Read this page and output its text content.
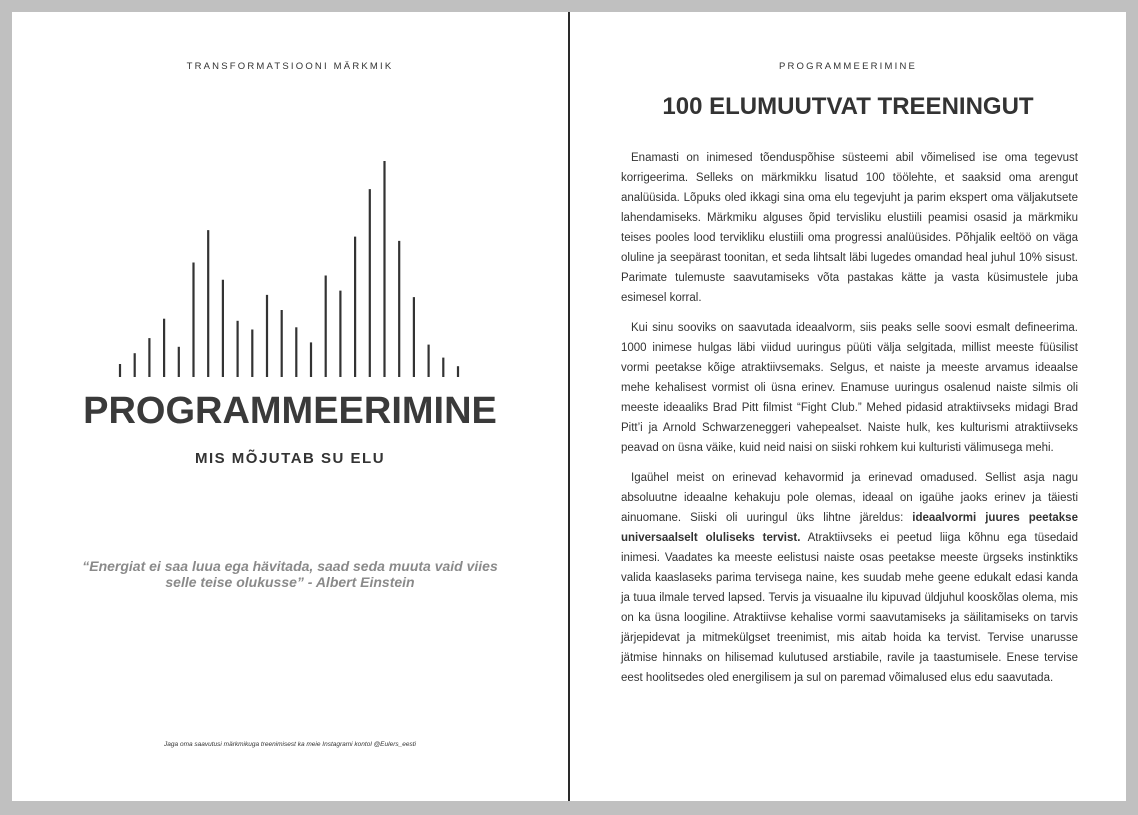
TRANSFORMATSIOONI MÄRKMIK
PROGRAMMEERIMINE
MIS MÕJUTAB SU ELU
“Energiat ei saa luua ega hävitada, saad seda muuta vaid viies
selle teise olukusse” - Albert Einstein
Jaga oma saavutusi märkmikuga treenimisest ka meie Instagrami kontol @Eulers_eesti
PROGRAMMEERIMINE
100 ELUMUUTVAT TREENINGUT

Enamasti on inimesed tõenduspõhise süsteemi abil võimelised ise oma tegevust korrigeerima. Selleks on märkmikku lisatud 100 töölehte, et saaksid oma arengut analüüsida. Lõpuks oled ikkagi sina oma elu tegevjuht ja parim ekspert oma väljakutsete lahendamiseks. Märkmiku alguses õpid tervisliku elustiili peamisi osasid ja märkmiku teises pooles lood tervikliku elustiili oma progressi analüüsides. Põhjalik eeltöö on väga oluline ja seepärast toonitan, et seda lihtsalt läbi lugedes omandad heal juhul 10% sisust. Parimate tulemuste saavutamiseks võta pastakas kätte ja vasta küsimustele juba esimesel korral.

Kui sinu sooviks on saavutada ideaalvorm, siis peaks selle soovi esmalt defineerima. 1000 inimese hulgas läbi viidud uuringus püüti välja selgitada, millist meeste füüsilist vormi peetakse kõige atraktiivsemaks. Selgus, et naiste ja meeste arvamus ideaalse mehe kehalisest vormist oli üsna erinev. Enamuse uuringus osalenud naiste silmis oli meeste ideaaliks Brad Pitt filmist “Fight Club.” Mehed pidasid atraktiivseks midagi Brad Pitt’i ja Arnold Schwarzeneggeri vahepealset. Naiste hulk, kes kulturismi atraktiivseks peavad on üsna väike, kuid neid naisi on siiski rohkem kui kulturisti välimusega mehi.

Igaühel meist on erinevad kehavormid ja erinevad omadused. Sellist asja nagu absoluutne ideaalne kehakuju pole olemas, ideaal on igaühe jaoks erinev ja täiesti ainuomane. Siiski oli uuringul üks lihtne järeldus: ideaalvormi juures peetakse universaalselt oluliseks tervist. Atraktiivseks ei peetud liiga kõhnu ega tüsedaid inimesi. Vaadates ka meeste eelistusi naiste osas peetakse meeste ürgseks instinktiks valida kaaslaseks parima tervisega naine, kes suudab mehe geene edukalt edasi kanda ja tuua ilmale terved lapsed. Tervis ja visuaalne ilu kipuvad üldjuhul kooskõlas olema, mis on ka üsna loogiline. Atraktiivse kehalise vormi saavutamiseks ja säilitamiseks on tarvis järjepidevat ja mitmekülgset treenimist, mis aitab hoida ka tervist. Tervise unarusse jätmise hinnaks on hilisemad kulutused arstiabile, ravile ja taastumisele. Enese tervise eest hoolitsedes oled energilisem ja sul on paremad võimalused elus edu saavutada.
